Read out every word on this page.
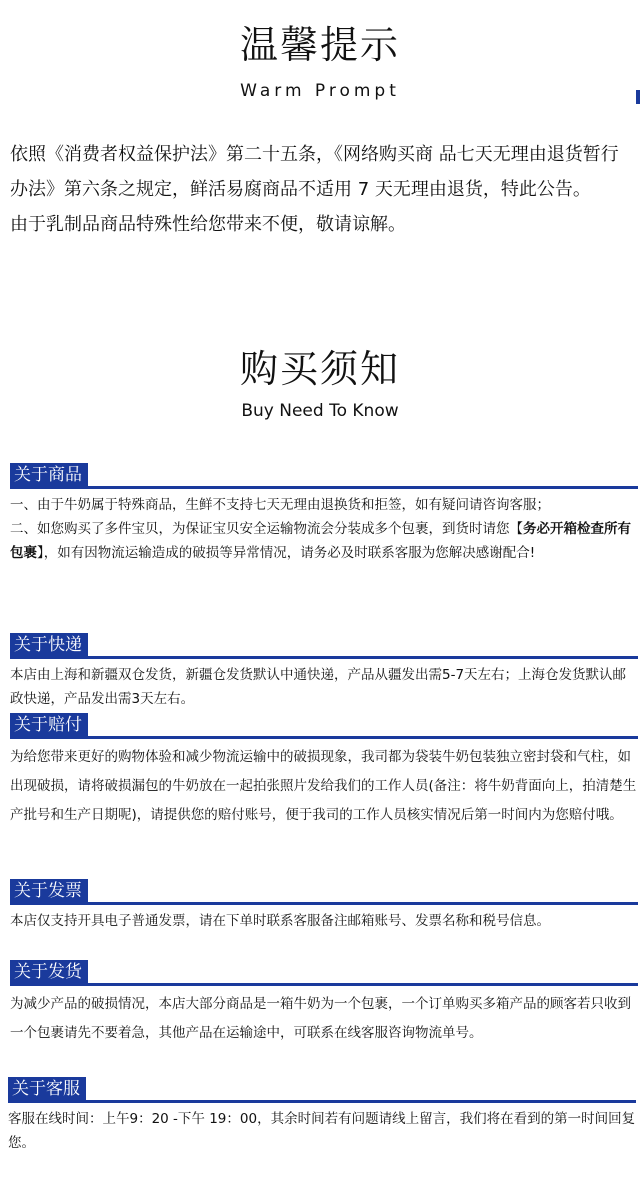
温馨提示
Warm Prompt

依照《消费者权益保护法》第二十五条，《网络购买商 品七天无理由退货暂行办法》第六条之规定，鲜活易腐商品不适用 7 天无理由退货，特此公告。

由于乳制品商品特殊性给您带来不便，敬请谅解。

购买须知
Buy Need To Know
关于商品

一、由于牛奶属于特殊商品，生鲜不支持七天无理由退换货和拒签，如有疑问请咨询客服；

二、如您购买了多件宝贝，为保证宝贝安全运输物流会分装成多个包裹，到货时请您【务必开箱检查所有包裹】，如有因物流运输造成的破损等异常情况，请务必及时联系客服为您解决感谢配合!

关于快递

本店由上海和新疆双仓发货，新疆仓发货默认中通快递，产品从疆发出需5-7天左右；上海仓发货默认邮政快递，产品发出需3天左右。

关于赔付

为给您带来更好的购物体验和减少物流运输中的破损现象，我司都为袋装牛奶包装独立密封袋和气柱，如出现破损，请将破损漏包的牛奶放在一起拍张照片发给我们的工作人员(备注：将牛奶背面向上，拍清楚生产批号和生产日期呢)，请提供您的赔付账号，便于我司的工作人员核实情况后第一时间内为您赔付哦。

关于发票

本店仅支持开具电子普通发票，请在下单时联系客服备注邮箱账号、发票名称和税号信息。

关于发货

为减少产品的破损情况，本店大部分商品是一箱牛奶为一个包裹，一个订单购买多箱产品的顾客若只收到一个包裹请先不要着急，其他产品在运输途中，可联系在线客服咨询物流单号。

关于客服

客服在线时间：上午9：20 -下午 19：00，其余时间若有问题请线上留言，我们将在看到的第一时间回复您。
